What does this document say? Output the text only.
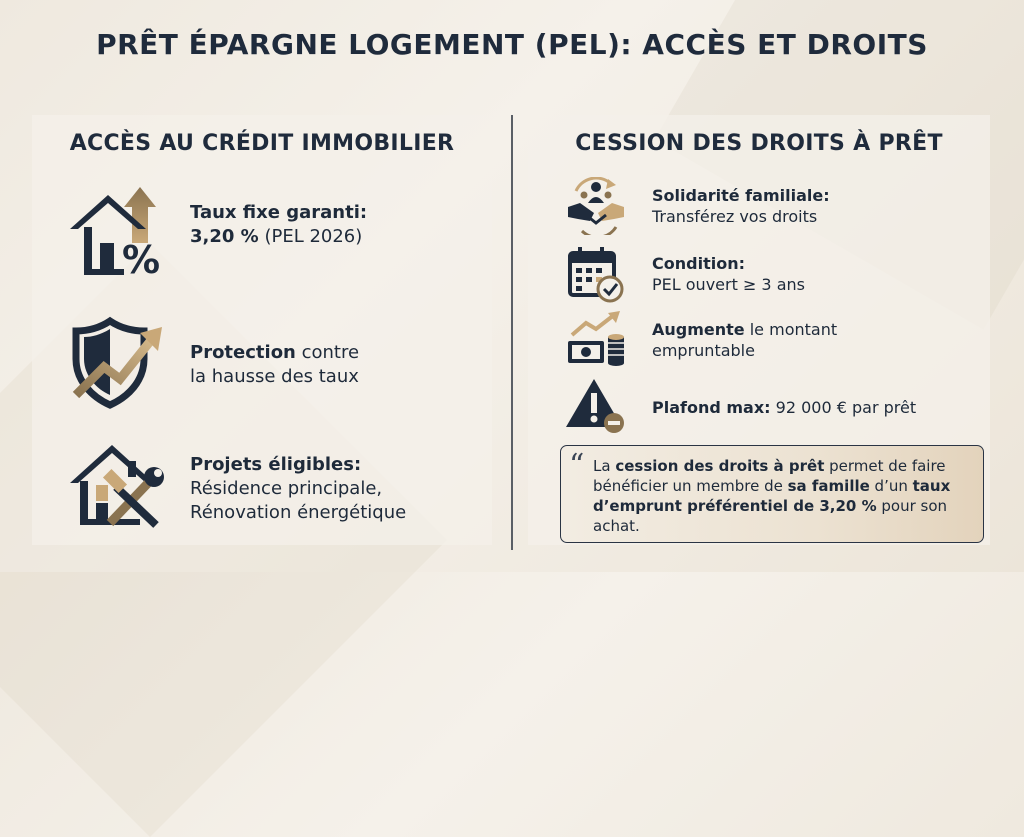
PRÊT ÉPARGNE LOGEMENT (PEL): ACCÈS ET DROITS
ACCÈS AU CRÉDIT IMMOBILIER
%
Taux fixe garanti:
3,20 % (PEL 2026)
Protection contre
la hausse des taux
Projets éligibles:
Résidence principale,
Rénovation énergétique
CESSION DES DROITS À PRÊT
Solidarité familiale:
Transférez vos droits
Condition:
PEL ouvert ≥ 3 ans
Augmente le montant
empruntable
Plafond max: 92 000 € par prêt
“ La cession des droits à prêt permet de faire bénéficier un membre de sa famille d’un taux d’emprunt préférentiel de 3,20 % pour son achat.
